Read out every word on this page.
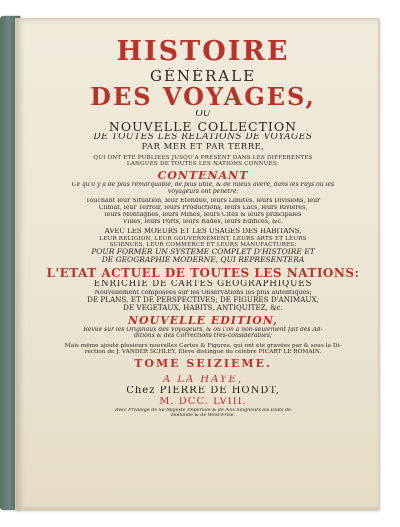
HISTOIRE
GÉNÉRALE
DES VOYAGES,
OU
NOUVELLE COLLECTION
DE TOUTES LES RELATIONS DE VOYAGES
PAR MER ET PAR TERRE,
QUI ONT ÉTÉ PUBLIÉES JUSQU'À PRÉSENT DANS LES DIFFÉRENTES
LANGUES DE TOUTES LES NATIONS CONNUES:
CONTENANT
Ce qu'il y a de plus remarquable, de plus utile, & de mieux avéré, dans les Pays où les
Voyageurs ont pénétré;
Touchant leur Situation, leur Etendue, leurs Limites, leurs Divisions, leur
Climat, leur Terroir, leurs Productions, leurs Lacs, leurs Rivières,
leurs Montagnes, leurs Mines, leurs Citez & leurs principales
Villes, leurs Ports, leurs Rades, leurs Edifices, &c.
AVEC LES MOEURS ET LES USAGES DES HABITANS,
LEUR RELIGION, LEUR GOUVERNEMENT, LEURS ARTS ET LEURS
SCIENCES, LEUR COMMERCE ET LEURS MANUFACTURES;
POUR FORMER UN SYSTÈME COMPLET D'HISTOIRE ET
DE GÉOGRAPHIE MODERNE, QUI REPRÉSENTERA
L'ÉTAT ACTUEL DE TOUTES LES NATIONS:
ENRICHIE DE CARTES GÉOGRAPHIQUES
Nouvellement composées sur les Observations les plus autentiques;
DE PLANS, ET DE PERSPECTIVES; DE FIGURES D'ANIMAUX,
DE VÉGÉTAUX, HABITS, ANTIQUITEZ, &c.
NOUVELLE ÉDITION,
Revue sur les Originaux des Voyageurs, & où l'on a non-seulement fait des Ad-
ditions & des Corrections très-considérables;
Mais même ajouté plusieurs nouvelles Cartes & Figures, qui ont été gravées par & sous la Di-
rection de J. VANDER SCHLEY, Elève distingué du célèbre PICART LE ROMAIN.
TOME SEIZIÈME.
A LA HAYE,
Chez PIERRE DE HONDT,
M. DCC. LVIII.
Avec Privilège de Sa Majesté Impériale & de Nos Seigneurs les Etats de
Hollande & de West-Frise.
